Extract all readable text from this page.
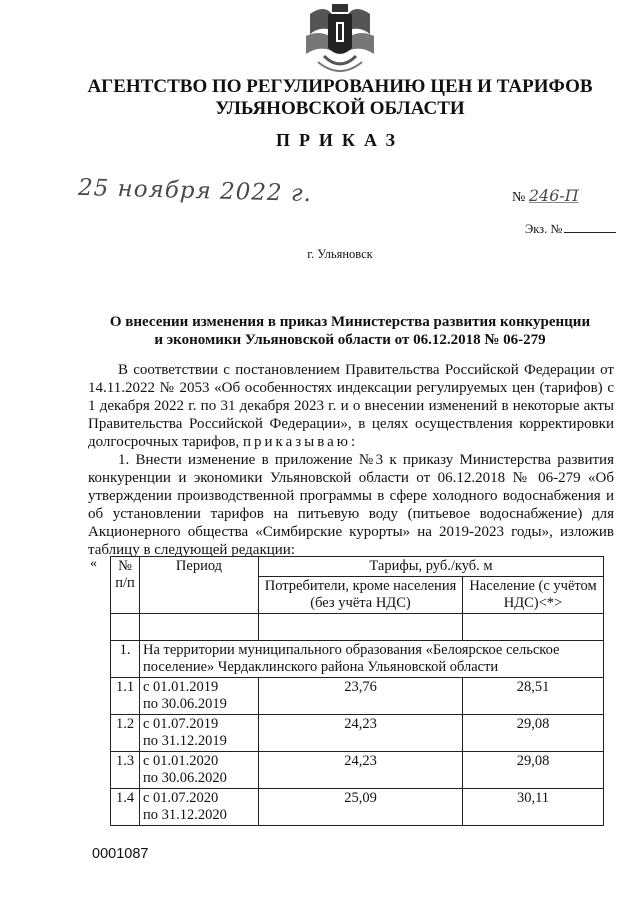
АГЕНТСТВО ПО РЕГУЛИРОВАНИЮ ЦЕН И ТАРИФОВ
УЛЬЯНОВСКОЙ ОБЛАСТИ
ПРИКАЗ
25 ноября 2022 г.	№ 246-П
Экз. №
г. Ульяновск
О внесении изменения в приказ Министерства развития конкуренции
и экономики Ульяновской области от 06.12.2018 № 06-279

В соответствии с постановлением Правительства Российской Федерации от 14.11.2022 № 2053 «Об особенностях индексации регулируемых цен (тарифов) с 1 декабря 2022 г. по 31 декабря 2023 г. и о внесении изменений в некоторые акты Правительства Российской Федерации», в целях осуществления корректировки долгосрочных тарифов, приказываю:

1. Внести изменение в приложение №3 к приказу Министерства развития конкуренции и экономики Ульяновской области от 06.12.2018 № 06-279 «Об утверждении производственной программы в сфере холодного водоснабжения и об установлении тарифов на питьевую воду (питьевое водоснабжение) для Акционерного общества «Симбирские курорты» на 2019-2023 годы», изложив таблицу в следующей редакции:

« № п/п	Период	Тарифы, руб./куб. м	
		Потребители, кроме населения (без учёта НДС)	Население (с учётом НДС)<*>

1.	На территории муниципального образования «Белоярское сельское поселение» Чердаклинского района Ульяновской области		
1.1	с 01.01.2019
по 30.06.2019	23,76	28,51
1.2	с 01.07.2019
по 31.12.2019	24,23	29,08
1.3	с 01.01.2020
по 30.06.2020	24,23	29,08
1.4	с 01.07.2020
по 31.12.2020	25,09	30,11
0001087
